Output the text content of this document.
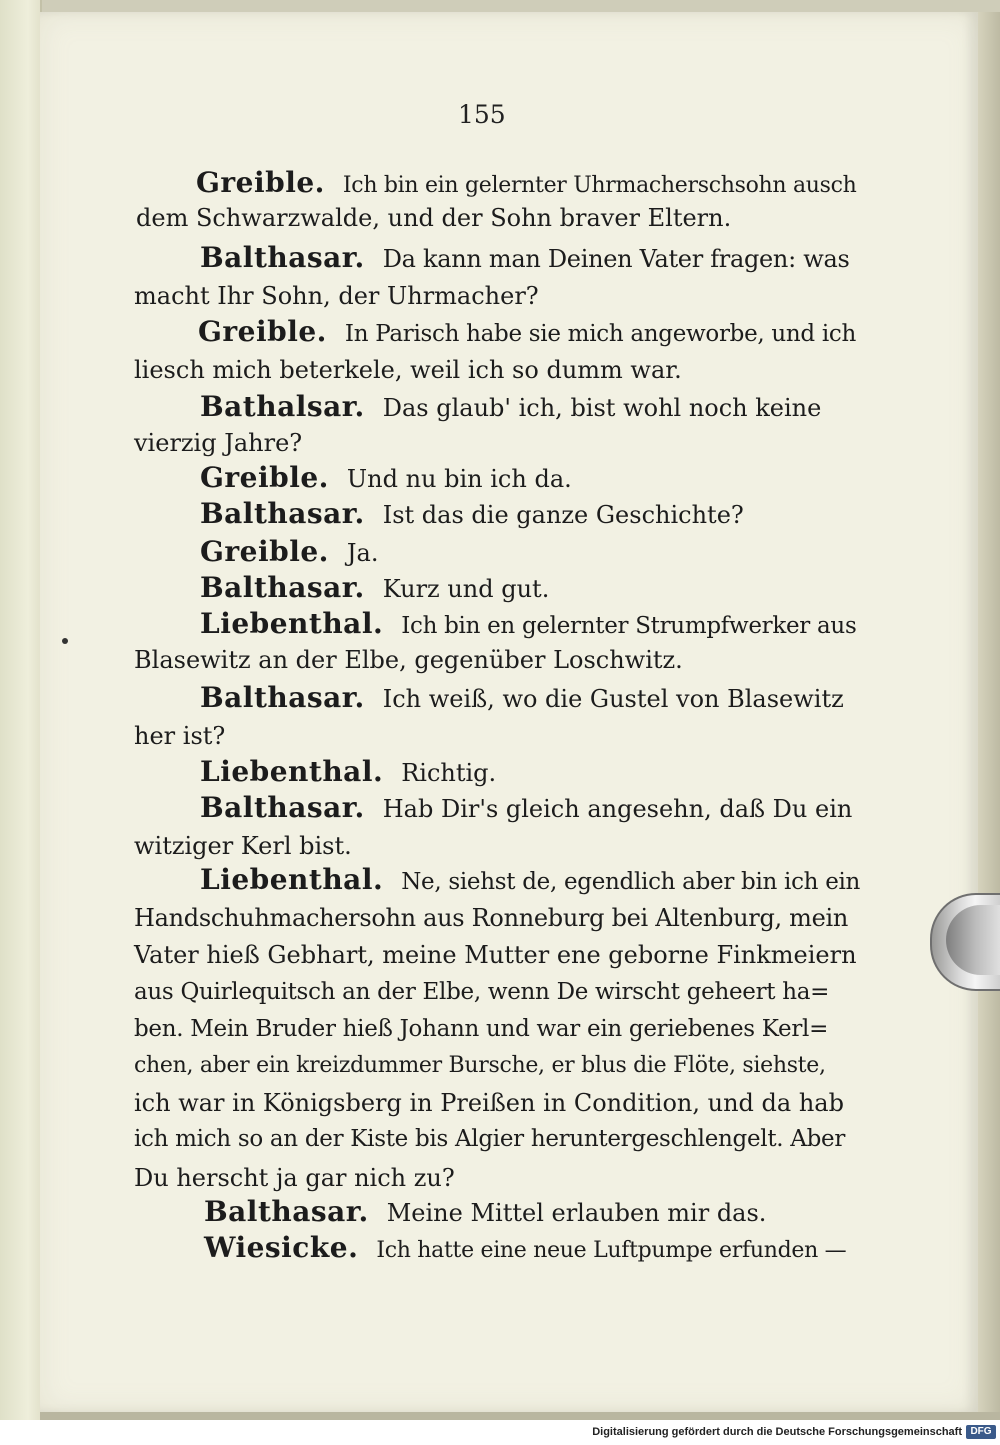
155
Greible. Ich bin ein gelernter Uhrmacherschsohn ausch
dem Schwarzwalde, und der Sohn braver Eltern.
Balthasar. Da kann man Deinen Vater fragen: was
macht Ihr Sohn, der Uhrmacher?
Greible. In Parisch habe sie mich angeworbe, und ich
liesch mich beterkele, weil ich so dumm war.
Bathalsar. Das glaub' ich, bist wohl noch keine
vierzig Jahre?
Greible. Und nu bin ich da.
Balthasar. Ist das die ganze Geschichte?
Greible. Ja.
Balthasar. Kurz und gut.
Liebenthal. Ich bin en gelernter Strumpfwerker aus
Blasewitz an der Elbe, gegenüber Loschwitz.
Balthasar. Ich weiß, wo die Gustel von Blasewitz
her ist?
Liebenthal. Richtig.
Balthasar. Hab Dir's gleich angesehn, daß Du ein
witziger Kerl bist.
Liebenthal. Ne, siehst de, egendlich aber bin ich ein
Handschuhmachersohn aus Ronneburg bei Altenburg, mein
Vater hieß Gebhart, meine Mutter ene geborne Finkmeiern
aus Quirlequitsch an der Elbe, wenn De wirscht geheert ha=
ben. Mein Bruder hieß Johann und war ein geriebenes Kerl=
chen, aber ein kreizdummer Bursche, er blus die Flöte, siehste,
ich war in Königsberg in Preißen in Condition, und da hab
ich mich so an der Kiste bis Algier heruntergeschlengelt. Aber
Du herscht ja gar nich zu?
Balthasar. Meine Mittel erlauben mir das.
Wiesicke. Ich hatte eine neue Luftpumpe erfunden —
Digitalisierung gefördert durch die Deutsche Forschungsgemeinschaft DFG
